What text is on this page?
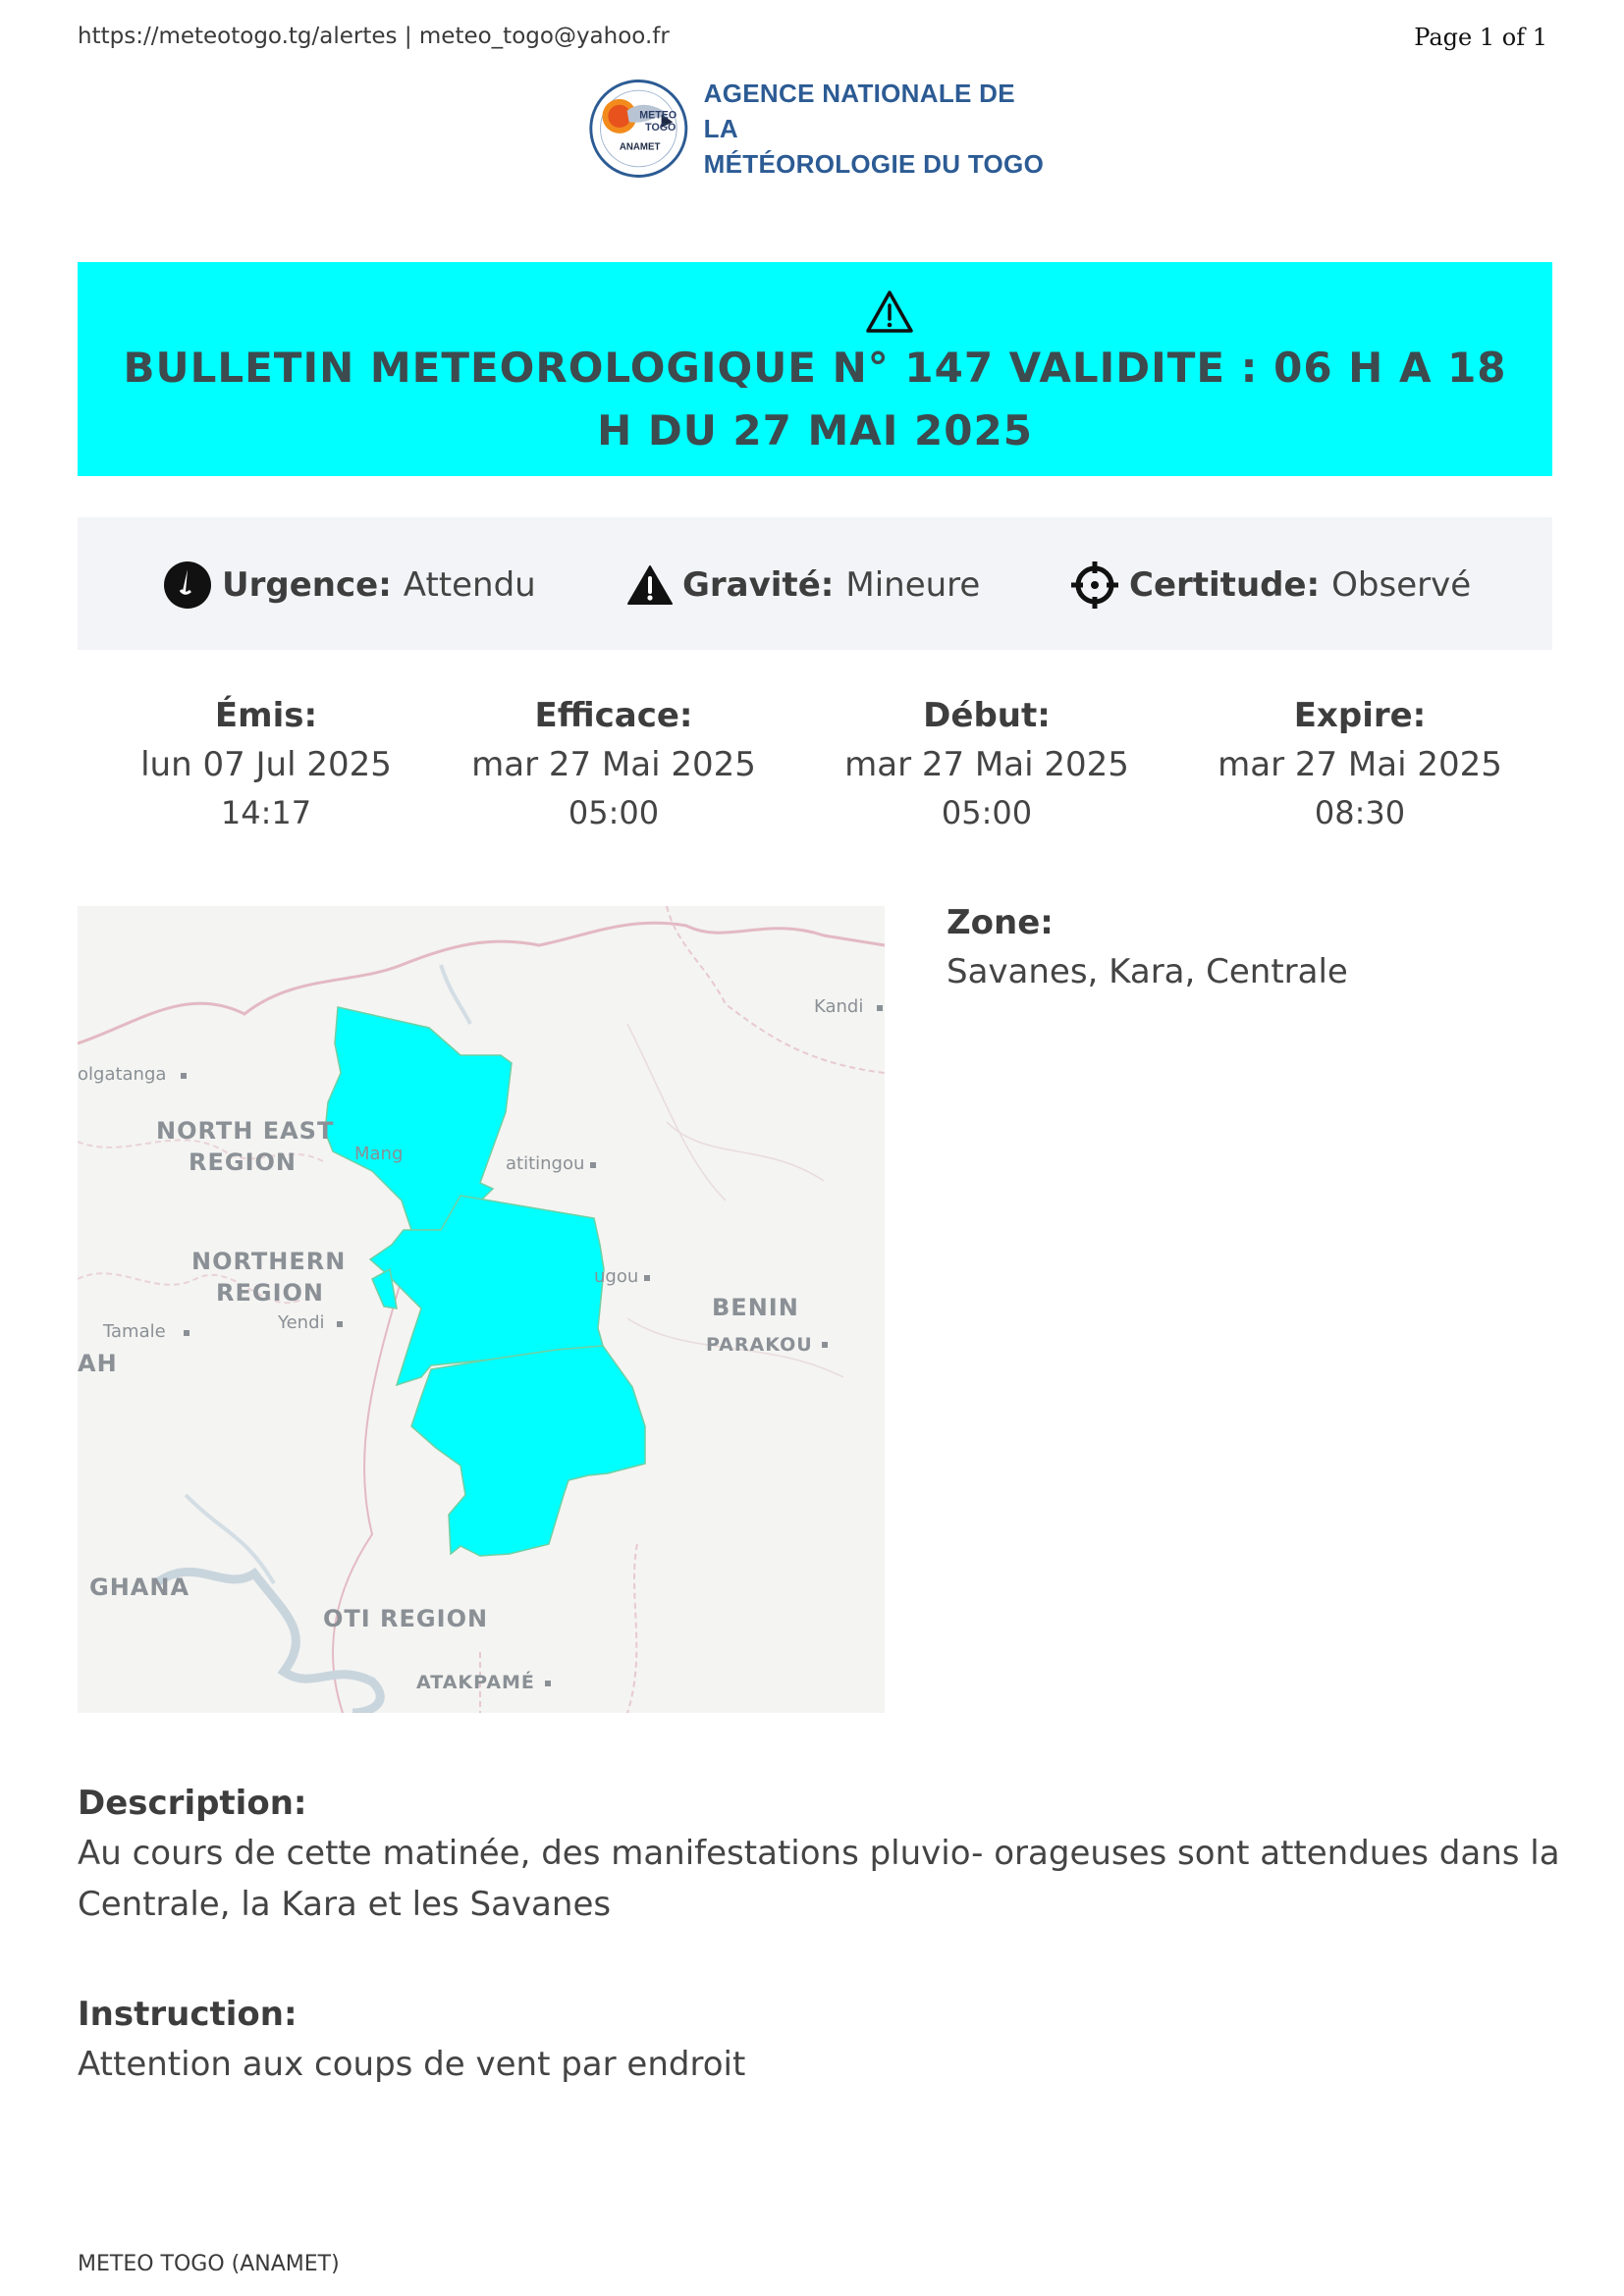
https://meteotogo.tg/alertes | meteo_togo@yahoo.fr	Page 1 of 1
METEO
TOGO
ANAMET
AGENCE NATIONALE DE LA
MÉTÉOROLOGIE DU TOGO
BULLETIN METEOROLOGIQUE N° 147 VALIDITE : 06 H A 18 H DU 27 MAI 2025
Urgence: Attendu	Gravité: Mineure	Certitude: Observé
Émis:
lun 07 Jul 2025
14:17
Efficace:
mar 27 Mai 2025
05:00
Début:
mar 27 Mai 2025
05:00
Expire:
mar 27 Mai 2025
08:30
Kandi
olgatanga
NORTH EAST
REGION	Mang	atitingou
NORTHERN
REGION
ugou
BENIN
PARAKOU
Tamale	Yendi
AH
GHANA
OTI REGION
ATAKPAMÉ
Zone:
Savanes, Kara, Centrale
Description:
Au cours de cette matinée, des manifestations pluvio- orageuses sont attendues dans la Centrale, la Kara et les Savanes
Instruction:
Attention aux coups de vent par endroit
METEO TOGO (ANAMET)
